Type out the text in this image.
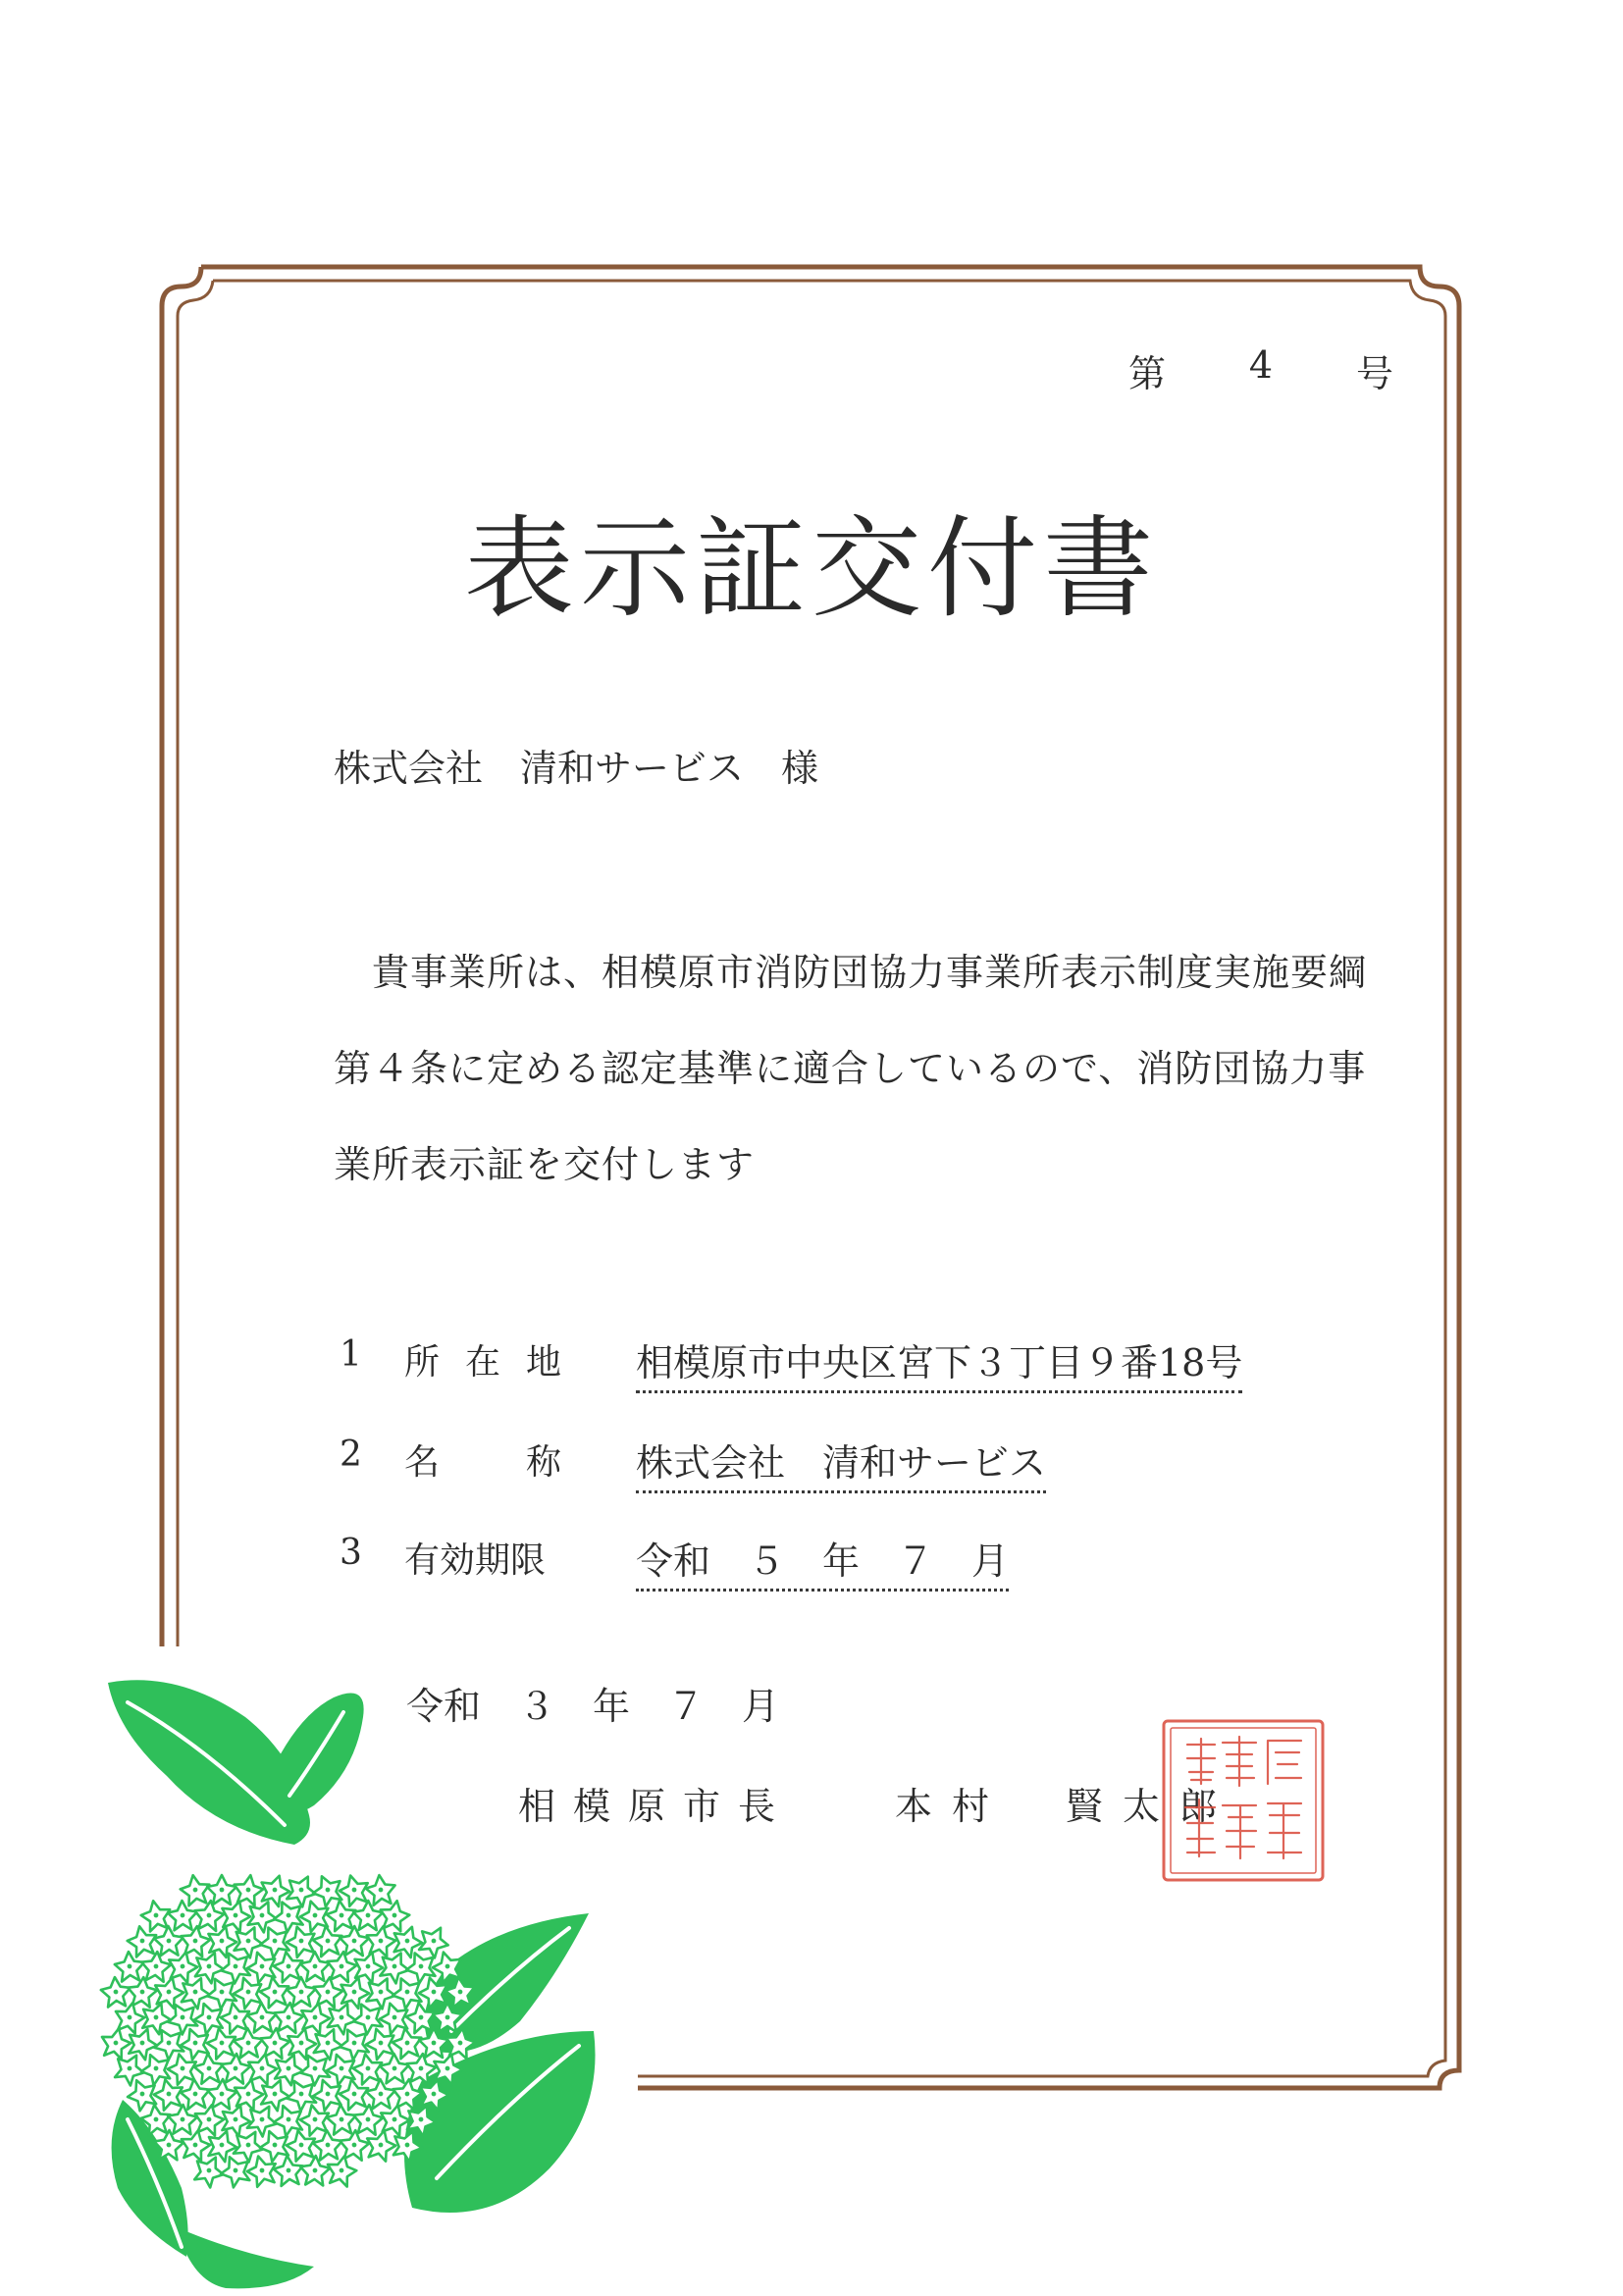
第 4 号
表示証交付書
株式会社　清和サービス　様
　貴事業所は、相模原市消防団協力事業所表示制度実施要綱
第４条に定める認定基準に適合しているので、消防団協力事
業所表示証を交付します
1 所 在 地 相模原市中央区宮下３丁目９番18号
2 名 称 株式会社　清和サービス
3 有効期限 令和　５　年　７　月
令和　３　年　７　月
相模原市長	本村　賢太郎
